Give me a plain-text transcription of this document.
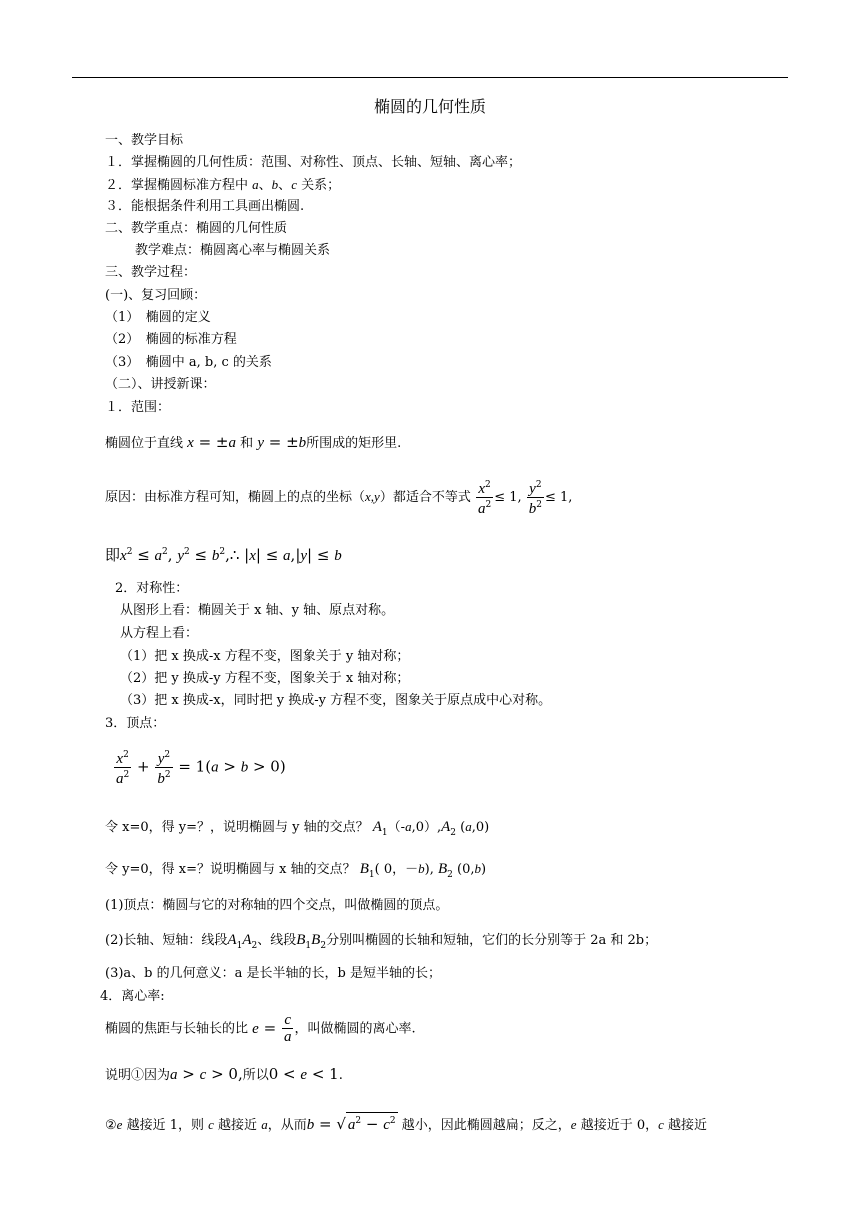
椭圆的几何性质
一、教学目标
１．掌握椭圆的几何性质：范围、对称性、顶点、长轴、短轴、离心率；
２．掌握椭圆标准方程中 a、b、c 关系；
３．能根据条件利用工具画出椭圆.
二、教学重点：椭圆的几何性质
教学难点：椭圆离心率与椭圆关系
三、教学过程：
(一)、复习回顾：
（1）　椭圆的定义
（2）　椭圆的标准方程
（3）　椭圆中 a, b, c 的关系
（二）、讲授新课：
１．范围：
椭圆位于直线 x = ±a 和 y = ±b所围成的矩形里.
原因：由标准方程可知，椭圆上的点的坐标（x,y）都适合不等式 $\frac{x^2}{a^2} \le 1$, $\frac{y^2}{b^2} \le 1$,
即$x^2 \le a^2$, $y^2$ ≤ $b^2,\therefore$ |x| ≤ a,|y| ≤ b
2．对称性：
从图形上看：椭圆关于 x 轴、y 轴、原点对称。
从方程上看：
（1）把 x 换成-x 方程不变，图象关于 y 轴对称；
（2）把 y 换成-y 方程不变，图象关于 x 轴对称；
（3）把 x 换成-x，同时把 y 换成-y 方程不变，图象关于原点成中心对称。
3．顶点：
$\frac{x^2}{a^2} + \frac{y^2}{b^2} = 1(a > b > 0)$
令 x=0，得 y=？，说明椭圆与 y 轴的交点？ $A_1(-a,0),A_2$ (a,0)
令 y=0，得 x=？说明椭圆与 x 轴的交点？ $B_1$( 0，－b), $B_2$ (0,b)
(1)顶点：椭圆与它的对称轴的四个交点，叫做椭圆的顶点。
(2)长轴、短轴：线段$A_1A_2$、线段$B_1B_2$分别叫椭圆的长轴和短轴，它们的长分别等于 2a 和 2b；
(3)a、b 的几何意义：a 是长半轴的长，b 是短半轴的长；
4．离心率:
椭圆的焦距与长轴长的比 $e = \frac{c}{a}$ ，叫做椭圆的离心率.
说明①因为a > c > 0,所以0 < e < 1.
②e 越接近 1，则 c 越接近 a，从而b = √ $a^2 - c^2$ 越小，因此椭圆越扁；反之，e 越接近于 0，c 越接近
